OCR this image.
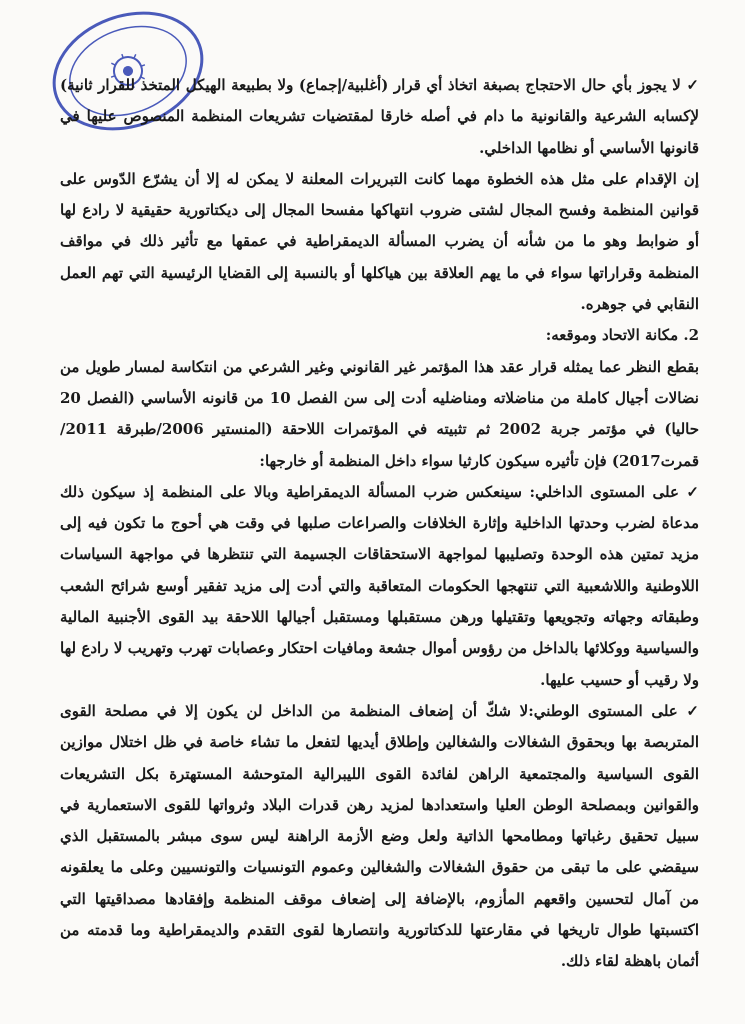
✓ لا يجوز بأي حال الاحتجاج بصبغة اتخاذ أي قرار (أغلبية/إجماع) ولا بطبيعة الهيكل المتخذ للقرار ثانية) لإكسابه الشرعية والقانونية ما دام في أصله خارقا لمقتضيات تشريعات المنظمة المنصوص عليها في قانونها الأساسي أو نظامها الداخلي.

إن الإقدام على مثل هذه الخطوة مهما كانت التبريرات المعلنة لا يمكن له إلا أن يشرّع الدّوس على قوانين المنظمة وفسح المجال لشتى ضروب انتهاكها مفسحا المجال إلى ديكتاتورية حقيقية لا رادع لها أو ضوابط وهو ما من شأنه أن يضرب المسألة الديمقراطية في عمقها مع تأثير ذلك في مواقف المنظمة وقراراتها سواء في ما يهم العلاقة بين هياكلها أو بالنسبة إلى القضايا الرئيسية التي تهم العمل النقابي في جوهره.

2. مكانة الاتحاد وموقعه:

بقطع النظر عما يمثله قرار عقد هذا المؤتمر غير القانوني وغير الشرعي من انتكاسة لمسار طويل من نضالات أجيال كاملة من مناضلاته ومناضليه أدت إلى سن الفصل 10 من قانونه الأساسي (الفصل 20 حاليا) في مؤتمر جربة 2002 ثم تثبيته في المؤتمرات اللاحقة (المنستير 2006/طبرقة 2011/قمرت2017) فإن تأثيره سيكون كارثيا سواء داخل المنظمة أو خارجها:

✓ على المستوى الداخلي: سينعكس ضرب المسألة الديمقراطية وبالا على المنظمة إذ سيكون ذلك مدعاة لضرب وحدتها الداخلية وإثارة الخلافات والصراعات صلبها في وقت هي أحوج ما تكون فيه إلى مزيد تمتين هذه الوحدة وتصليبها لمواجهة الاستحقاقات الجسيمة التي تنتظرها في مواجهة السياسات اللاوطنية واللاشعبية التي تنتهجها الحكومات المتعاقبة والتي أدت إلى مزيد تفقير أوسع شرائح الشعب وطبقاته وجهاته وتجويعها وتقتيلها ورهن مستقبلها ومستقبل أجيالها اللاحقة بيد القوى الأجنبية المالية والسياسية ووكلائها بالداخل من رؤوس أموال جشعة ومافيات احتكار وعصابات تهرب وتهريب لا رادع لها ولا رقيب أو حسيب عليها.

✓ على المستوى الوطني:لا شكّ أن إضعاف المنظمة من الداخل لن يكون إلا في مصلحة القوى المتربصة بها وبحقوق الشغالات والشغالين وإطلاق أيديها لتفعل ما تشاء خاصة في ظل اختلال موازين القوى السياسية والمجتمعية الراهن لفائدة القوى الليبرالية المتوحشة المستهترة بكل التشريعات والقوانين وبمصلحة الوطن العليا واستعدادها لمزيد رهن قدرات البلاد وثرواتها للقوى الاستعمارية في سبيل تحقيق رغباتها ومطامحها الذاتية ولعل وضع الأزمة الراهنة ليس سوى مبشر بالمستقبل الذي سيقضي على ما تبقى من حقوق الشغالات والشغالين وعموم التونسيات والتونسيين وعلى ما يعلقونه من آمال لتحسين واقعهم المأزوم، بالإضافة إلى إضعاف موقف المنظمة وإفقادها مصداقيتها التي اكتسبتها طوال تاريخها في مقارعتها للدكتاتورية وانتصارها لقوى التقدم والديمقراطية وما قدمته من أثمان باهظة لقاء ذلك.
